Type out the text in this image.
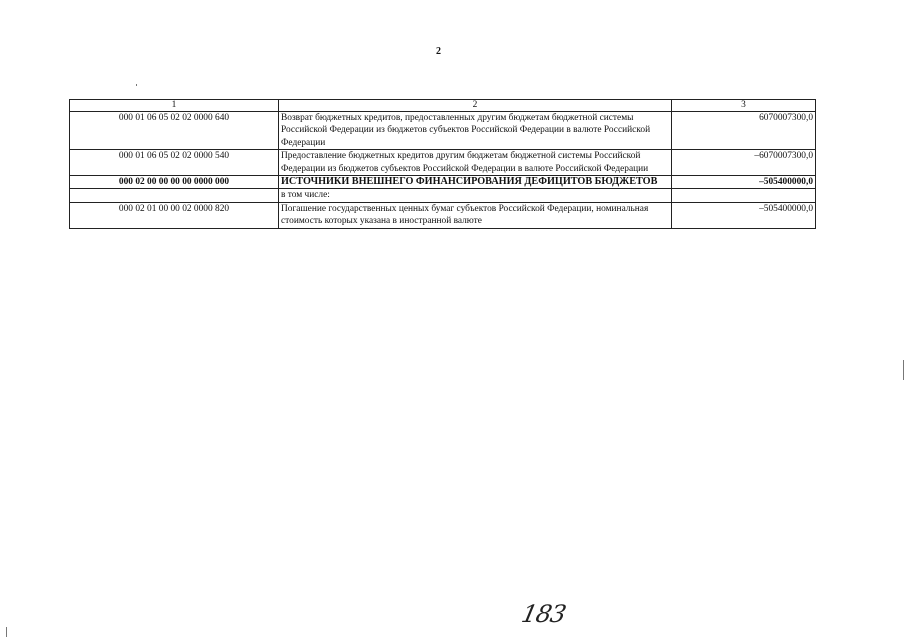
2
1	2	3
000 01 06 05 02 02 0000 640	Возврат бюджетных кредитов, предоставленных другим бюджетам бюджетной системы Российской Федерации из бюджетов субъектов Российской Федерации в валюте Российской Федерации	6070007300,0
000 01 06 05 02 02 0000 540	Предоставление бюджетных кредитов другим бюджетам бюджетной системы Российской Федерации из бюджетов субъектов Российской Федерации в валюте Российской Федерации	–6070007300,0
000 02 00 00 00 00 0000 000	ИСТОЧНИКИ ВНЕШНЕГО ФИНАНСИРОВАНИЯ ДЕФИЦИТОВ БЮДЖЕТОВ	–505400000,0
	в том числе:	
000 02 01 00 00 02 0000 820	Погашение государственных ценных бумаг субъектов Российской Федерации, номинальная стоимость которых указана в иностранной валюте	–505400000,0
183
